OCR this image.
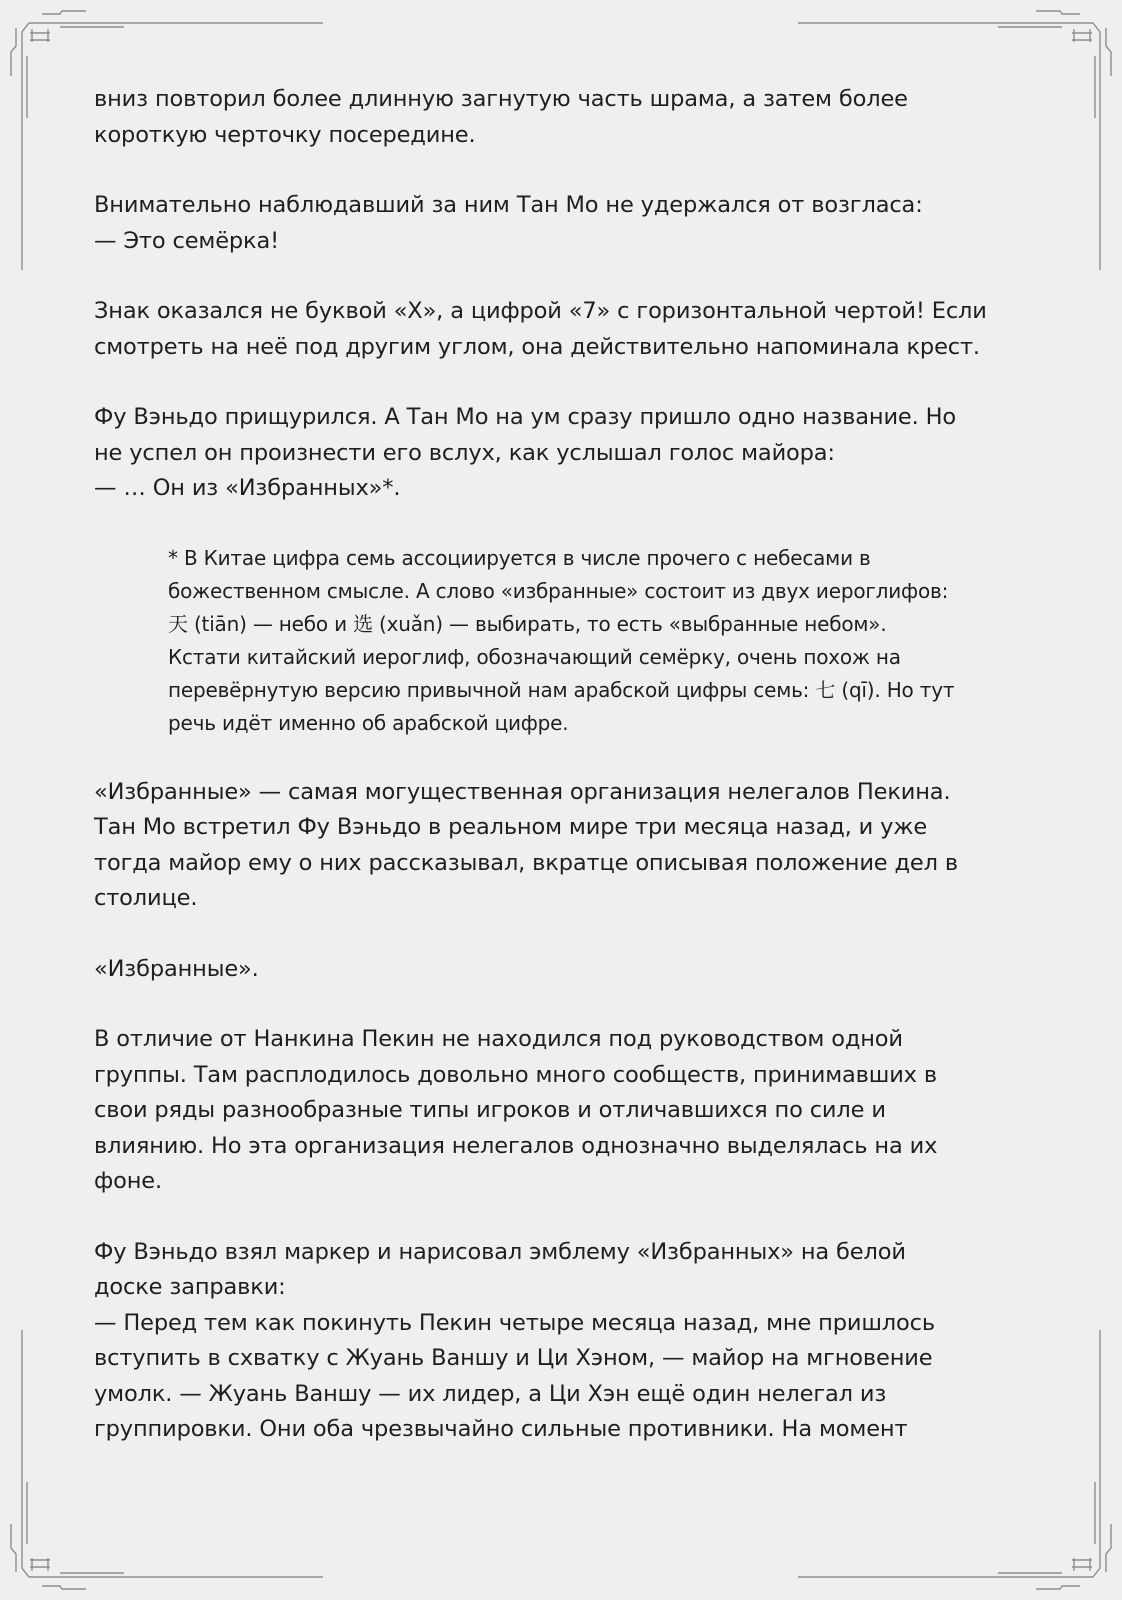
вниз повторил более длинную загнутую часть шрама, а затем более
короткую черточку посередине.
Внимательно наблюдавший за ним Тан Мо не удержался от возгласа:
— Это семёрка!
Знак оказался не буквой «Х», а цифрой «7» с горизонтальной чертой! Если
смотреть на неё под другим углом, она действительно напоминала крест.
Фу Вэньдо прищурился. А Тан Мо на ум сразу пришло одно название. Но
не успел он произнести его вслух, как услышал голос майора:
— … Он из «Избранных»*.
* В Китае цифра семь ассоциируется в числе прочего с небесами в
божественном смысле. А слово «избранные» состоит из двух иероглифов:
天 (tiān) — небо и 选 (xuǎn) — выбирать, то есть «выбранные небом».
Кстати китайский иероглиф, обозначающий семёрку, очень похож на
перевёрнутую версию привычной нам арабской цифры семь: 七 (qī). Но тут
речь идёт именно об арабской цифре.
«Избранные» — самая могущественная организация нелегалов Пекина.
Тан Мо встретил Фу Вэньдо в реальном мире три месяца назад, и уже
тогда майор ему о них рассказывал, вкратце описывая положение дел в
столице.
«Избранные».
В отличие от Нанкина Пекин не находился под руководством одной
группы. Там расплодилось довольно много сообществ, принимавших в
свои ряды разнообразные типы игроков и отличавшихся по силе и
влиянию. Но эта организация нелегалов однозначно выделялась на их
фоне.
Фу Вэньдо взял маркер и нарисовал эмблему «Избранных» на белой
доске заправки:
— Перед тем как покинуть Пекин четыре месяца назад, мне пришлось
вступить в схватку с Жуань Ваншу и Ци Хэном, — майор на мгновение
умолк. — Жуань Ваншу — их лидер, а Ци Хэн ещё один нелегал из
группировки. Они оба чрезвычайно сильные противники. На момент
